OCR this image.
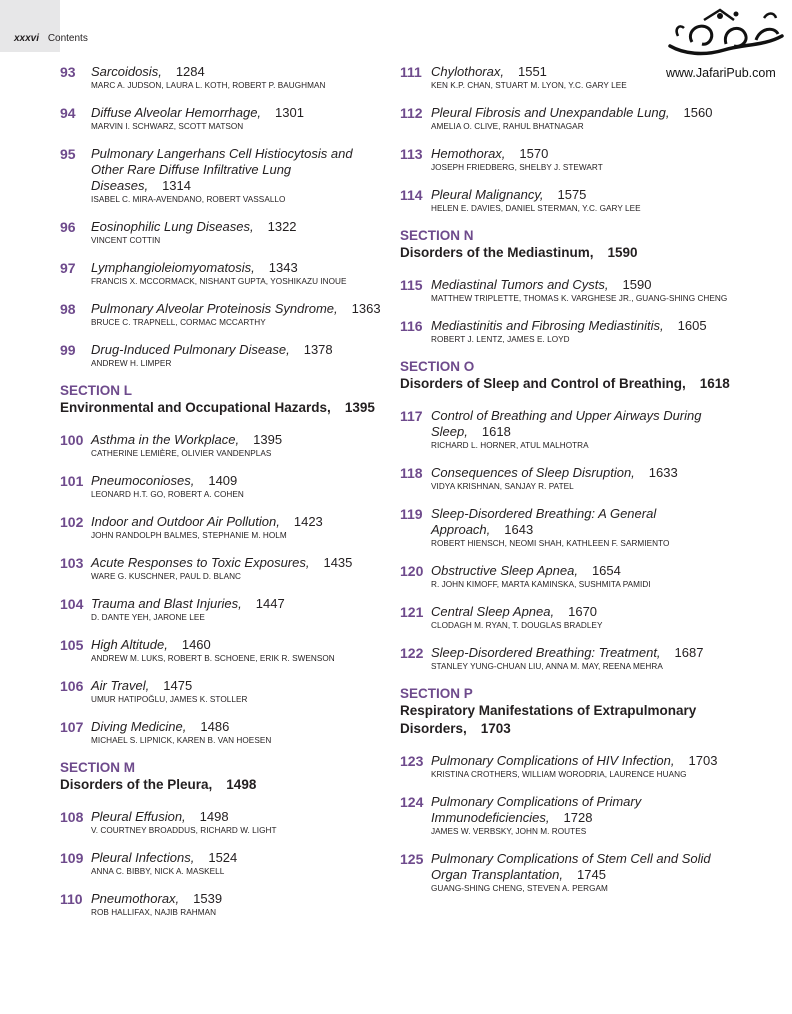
xxxvi Contents
www.JafariPub.com
93 Sarcoidosis, 1284
MARC A. JUDSON, LAURA L. KOTH, ROBERT P. BAUGHMAN
94 Diffuse Alveolar Hemorrhage, 1301
MARVIN I. SCHWARZ, SCOTT MATSON
95 Pulmonary Langerhans Cell Histiocytosis and Other Rare Diffuse Infiltrative Lung Diseases, 1314
ISABEL C. MIRA-AVENDANO, ROBERT VASSALLO
96 Eosinophilic Lung Diseases, 1322
VINCENT COTTIN
97 Lymphangioleiomyomatosis, 1343
FRANCIS X. MCCORMACK, NISHANT GUPTA, YOSHIKAZU INOUE
98 Pulmonary Alveolar Proteinosis Syndrome, 1363
BRUCE C. TRAPNELL, CORMAC MCCARTHY
99 Drug-Induced Pulmonary Disease, 1378
ANDREW H. LIMPER
SECTION L
Environmental and Occupational Hazards, 1395
100 Asthma in the Workplace, 1395
CATHERINE LEMIÈRE, OLIVIER VANDENPLAS
101 Pneumoconioses, 1409
LEONARD H.T. GO, ROBERT A. COHEN
102 Indoor and Outdoor Air Pollution, 1423
JOHN RANDOLPH BALMES, STEPHANIE M. HOLM
103 Acute Responses to Toxic Exposures, 1435
WARE G. KUSCHNER, PAUL D. BLANC
104 Trauma and Blast Injuries, 1447
D. DANTE YEH, JARONE LEE
105 High Altitude, 1460
ANDREW M. LUKS, ROBERT B. SCHOENE, ERIK R. SWENSON
106 Air Travel, 1475
UMUR HATIPOĞLU, JAMES K. STOLLER
107 Diving Medicine, 1486
MICHAEL S. LIPNICK, KAREN B. VAN HOESEN
SECTION M
Disorders of the Pleura, 1498
108 Pleural Effusion, 1498
V. COURTNEY BROADDUS, RICHARD W. LIGHT
109 Pleural Infections, 1524
ANNA C. BIBBY, NICK A. MASKELL
110 Pneumothorax, 1539
ROB HALLIFAX, NAJIB RAHMAN
111 Chylothorax, 1551
KEN K.P. CHAN, STUART M. LYON, Y.C. GARY LEE
112 Pleural Fibrosis and Unexpandable Lung, 1560
AMELIA O. CLIVE, RAHUL BHATNAGAR
113 Hemothorax, 1570
JOSEPH FRIEDBERG, SHELBY J. STEWART
114 Pleural Malignancy, 1575
HELEN E. DAVIES, DANIEL STERMAN, Y.C. GARY LEE
SECTION N
Disorders of the Mediastinum, 1590
115 Mediastinal Tumors and Cysts, 1590
MATTHEW TRIPLETTE, THOMAS K. VARGHESE JR., GUANG-SHING CHENG
116 Mediastinitis and Fibrosing Mediastinitis, 1605
ROBERT J. LENTZ, JAMES E. LOYD
SECTION O
Disorders of Sleep and Control of Breathing, 1618
117 Control of Breathing and Upper Airways During Sleep, 1618
RICHARD L. HORNER, ATUL MALHOTRA
118 Consequences of Sleep Disruption, 1633
VIDYA KRISHNAN, SANJAY R. PATEL
119 Sleep-Disordered Breathing: A General Approach, 1643
ROBERT HIENSCH, NEOMI SHAH, KATHLEEN F. SARMIENTO
120 Obstructive Sleep Apnea, 1654
R. JOHN KIMOFF, MARTA KAMINSKA, SUSHMITA PAMIDI
121 Central Sleep Apnea, 1670
CLODAGH M. RYAN, T. DOUGLAS BRADLEY
122 Sleep-Disordered Breathing: Treatment, 1687
STANLEY YUNG-CHUAN LIU, ANNA M. MAY, REENA MEHRA
SECTION P
Respiratory Manifestations of Extrapulmonary Disorders, 1703
123 Pulmonary Complications of HIV Infection, 1703
KRISTINA CROTHERS, WILLIAM WORODRIA, LAURENCE HUANG
124 Pulmonary Complications of Primary Immunodeficiencies, 1728
JAMES W. VERBSKY, JOHN M. ROUTES
125 Pulmonary Complications of Stem Cell and Solid Organ Transplantation, 1745
GUANG-SHING CHENG, STEVEN A. PERGAM
